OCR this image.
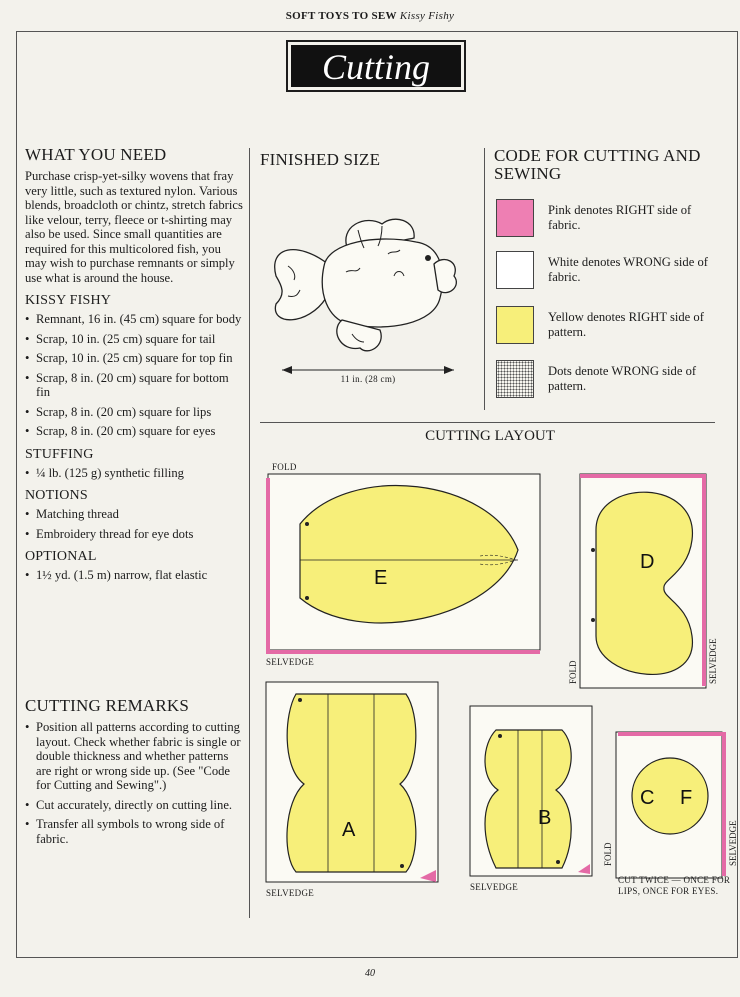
SOFT TOYS TO SEW Kissy Fishy
Cutting
WHAT YOU NEED

Purchase crisp-yet-silky wovens that fray very little, such as textured nylon. Various blends, broadcloth or chintz, stretch fabrics like velour, terry, fleece or t-shirting may also be used. Since small quantities are required for this multicolored fish, you may wish to purchase remnants or simply use what is around the house.

KISSY FISHY
• Remnant, 16 in. (45 cm) square for body
• Scrap, 10 in. (25 cm) square for tail
• Scrap, 10 in. (25 cm) square for top fin
• Scrap, 8 in. (20 cm) square for bottom fin
• Scrap, 8 in. (20 cm) square for lips
• Scrap, 8 in. (20 cm) square for eyes
STUFFING
• ¼ lb. (125 g) synthetic filling
NOTIONS
• Matching thread
• Embroidery thread for eye dots
OPTIONAL
• 1½ yd. (1.5 m) narrow, flat elastic
CUTTING REMARKS
• Position all patterns according to cutting layout. Check whether fabric is single or double thickness and whether patterns are right or wrong side up. (See "Code for Cutting and Sewing".)
• Cut accurately, directly on cutting line.
• Transfer all symbols to wrong side of fabric.
FINISHED SIZE
11 in. (28 cm)
CODE FOR CUTTING AND SEWING
Pink denotes RIGHT side of fabric.
White denotes WRONG side of fabric.
Yellow denotes RIGHT side of pattern.
Dots denote WRONG side of pattern.
CUTTING LAYOUT
FOLD
SELVEDGE
SELVEDGE
SELVEDGE
FOLD	SELVEDGE
FOLD	SELVEDGE
E
D
A
B
C F
CUT TWICE — ONCE FOR
LIPS, ONCE FOR EYES.
40
